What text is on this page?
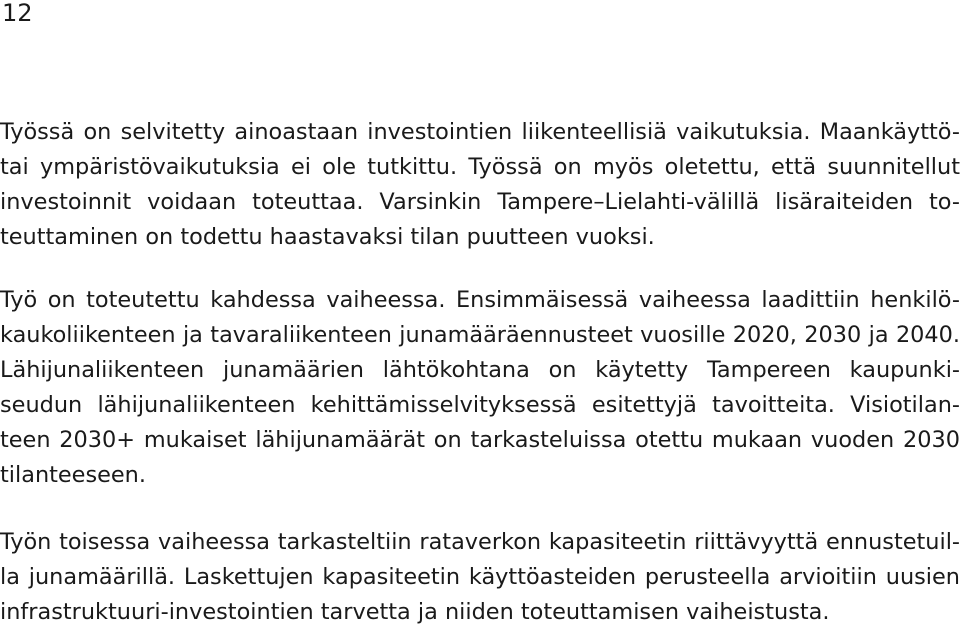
12
Työssä on selvitetty ainoastaan investointien liikenteellisiä vaikutuksia. Maankäyttö-
tai ympäristövaikutuksia ei ole tutkittu. Työssä on myös oletettu, että suunnitellut
investoinnit voidaan toteuttaa. Varsinkin Tampere–Lielahti-välillä lisäraiteiden to-
teuttaminen on todettu haastavaksi tilan puutteen vuoksi.
Työ on toteutettu kahdessa vaiheessa. Ensimmäisessä vaiheessa laadittiin henkilö-
kaukoliikenteen ja tavaraliikenteen junamääräennusteet vuosille 2020, 2030 ja 2040.
Lähijunaliikenteen junamäärien lähtökohtana on käytetty Tampereen kaupunki-
seudun lähijunaliikenteen kehittämisselvityksessä esitettyjä tavoitteita. Visiotilan-
teen 2030+ mukaiset lähijunamäärät on tarkasteluissa otettu mukaan vuoden 2030
tilanteeseen.
Työn toisessa vaiheessa tarkasteltiin rataverkon kapasiteetin riittävyyttä ennustetuil-
la junamäärillä. Laskettujen kapasiteetin käyttöasteiden perusteella arvioitiin uusien
infrastruktuuri-investointien tarvetta ja niiden toteuttamisen vaiheistusta.
